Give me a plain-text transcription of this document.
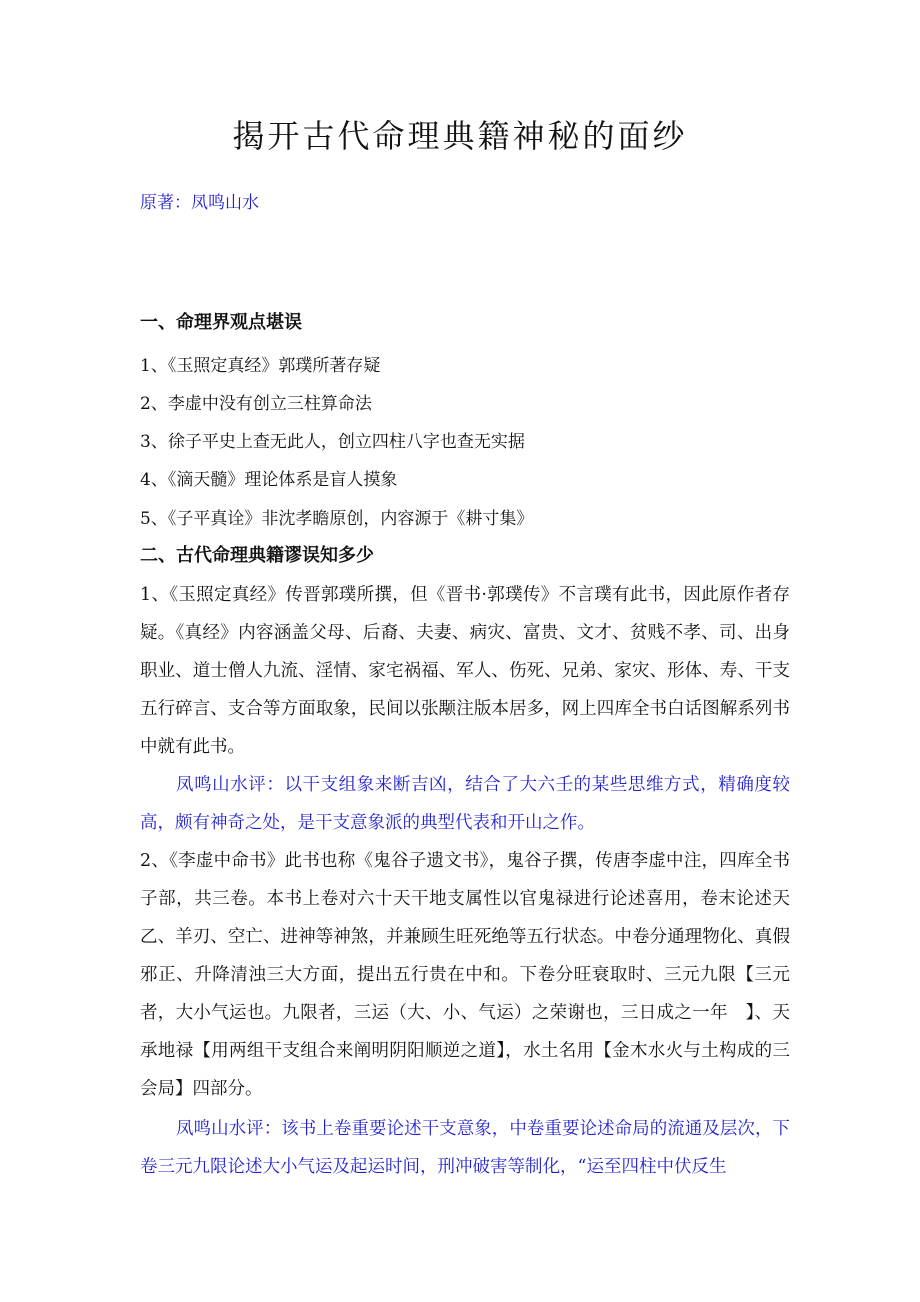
揭开古代命理典籍神秘的面纱
原著：凤鸣山水
一、命理界观点堪误
1、《玉照定真经》郭璞所著存疑
2、李虚中没有创立三柱算命法
3、徐子平史上查无此人，创立四柱八字也查无实据
4、《滴天髓》理论体系是盲人摸象
5、《子平真诠》非沈孝瞻原创，内容源于《耕寸集》
二、古代命理典籍谬误知多少

1、《玉照定真经》传晋郭璞所撰，但《晋书·郭璞传》不言璞有此书，因此原作者存疑。《真经》内容涵盖父母、后裔、夫妻、病灾、富贵、文才、贫贱不孝、司、出身职业、道士僧人九流、淫情、家宅祸福、军人、伤死、兄弟、家灾、形体、寿、干支五行碎言、支合等方面取象，民间以张颙注版本居多，网上四库全书白话图解系列书中就有此书。

凤鸣山水评：以干支组象来断吉凶，结合了大六壬的某些思维方式，精确度较高，颇有神奇之处，是干支意象派的典型代表和开山之作。

2、《李虚中命书》此书也称《鬼谷子遗文书》，鬼谷子撰，传唐李虚中注，四库全书子部，共三卷。本书上卷对六十天干地支属性以官鬼禄进行论述喜用，卷末论述天乙、羊刃、空亡、进神等神煞，并兼顾生旺死绝等五行状态。中卷分通理物化、真假邪正、升降清浊三大方面，提出五行贵在中和。下卷分旺衰取时、三元九限【三元者，大小气运也。九限者，三运（大、小、气运）之荣谢也，三日成之一年　】、天承地禄【用两组干支组合来阐明阴阳顺逆之道】，水土名用【金木水火与土构成的三会局】四部分。

凤鸣山水评：该书上卷重要论述干支意象，中卷重要论述命局的流通及层次，下卷三元九限论述大小气运及起运时间，刑冲破害等制化，“运至四柱中伏反生
